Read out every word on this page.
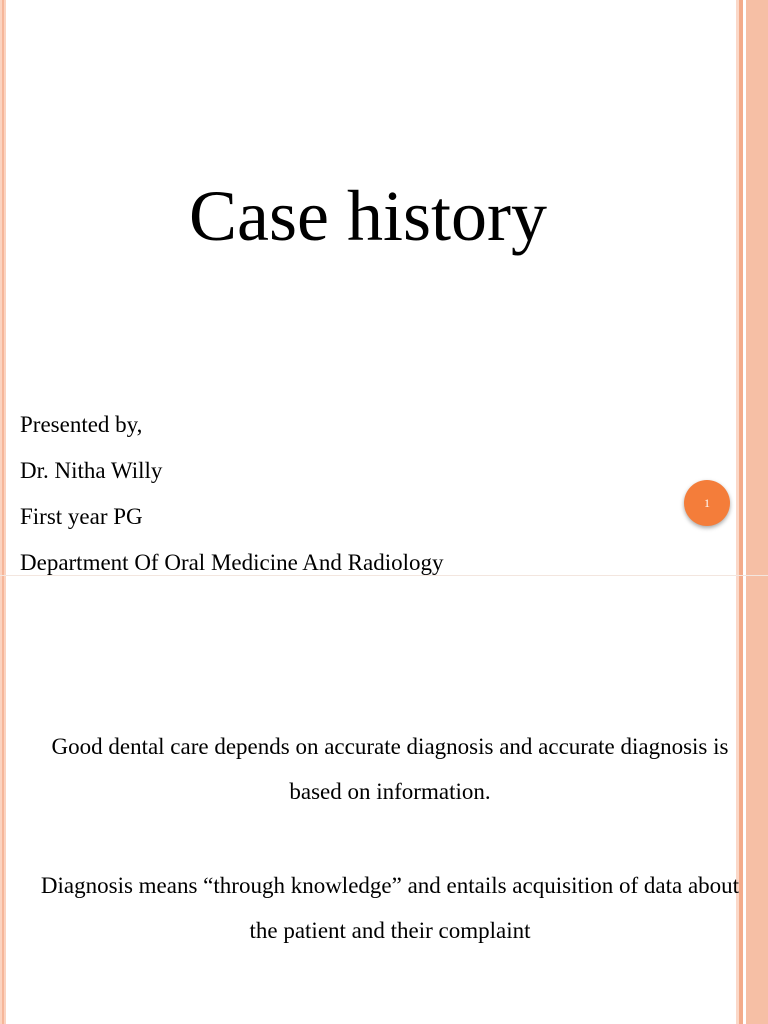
Case history
Presented by,
Dr. Nitha Willy
First year PG
Department Of Oral Medicine And Radiology
1

Good dental care depends on accurate diagnosis and accurate diagnosis is based on information.

Diagnosis means “through knowledge” and entails acquisition of data about the patient and their complaint
